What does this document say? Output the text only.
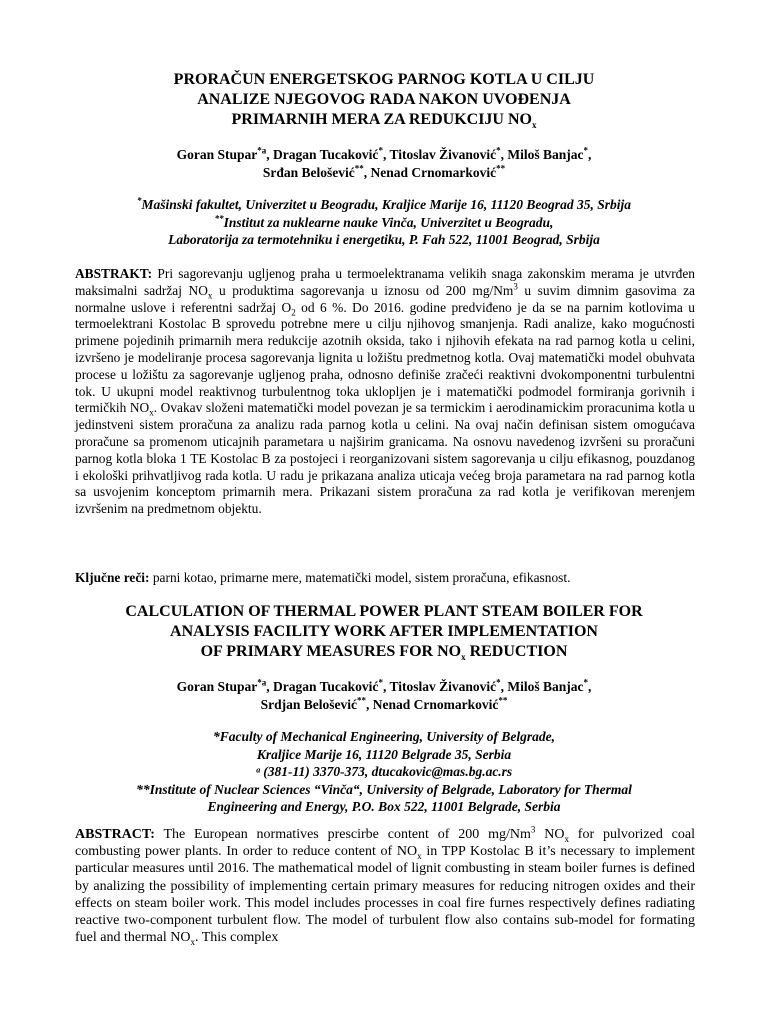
PRORAČUN ENERGETSKOG PARNOG KOTLA U CILJU
ANALIZE NJEGOVOG RADA NAKON UVOĐENJA
PRIMARNIH MERA ZA REDUKCIJU $NO_x$
Goran Stupar$^{*a}$, Dragan Tucaković*, Titoslav Živanović*, Miloš Banjac*,
Srđan Belošević**, Nenad Crnomarković**
*Mašinski fakultet, Univerzitet u Beogradu, Kraljice Marije 16, 11120 Beograd 35, Srbija
**Institut za nuklearne nauke Vinča, Univerzitet u Beogradu,
Laboratorija za termotehniku i energetiku, P. Fah 522, 11001 Beograd, Srbija
ABSTRAKT: Pri sagorevanju ugljenog praha u termoelektranama velikih snaga zakonskim merama je utvrđen maksimalni sadržaj $NO_x$ u produktima sagorevanja u iznosu od 200 mg/Nm$^3$ u suvim dimnim gasovima za normalne uslove i referentni sadržaj $O_2$ od 6 %. Do 2016. godine predviđeno je da se na parnim kotlovima u termoelektrani Kostolac B sprovedu potrebne mere u cilju njihovog smanjenja. Radi analize, kako mogućnosti primene pojedinih primarnih mera redukcije azotnih oksida, tako i njihovih efekata na rad parnog kotla u celini, izvršeno je modeliranje procesa sagorevanja lignita u ložištu predmetnog kotla. Ovaj matematički model obuhvata procese u ložištu za sagorevanje ugljenog praha, odnosno definiše zračeći reaktivni dvokomponentni turbulentni tok. U ukupni model reaktivnog turbulentnog toka uklopljen je i matematički podmodel formiranja gorivnih i termičkih $NO_x$. Ovakav složeni matematički model povezan je sa termickim i aerodinamickim proracunima kotla u jedinstveni sistem proračuna za analizu rada parnog kotla u celini. Na ovaj način definisan sistem omogućava proračune sa promenom uticajnih parametara u najširim granicama. Na osnovu navedenog izvršeni su proračuni parnog kotla bloka 1 TE Kostolac B za postojeci i reorganizovani sistem sagorevanja u cilju efikasnog, pouzdanog i ekološki prihvatljivog rada kotla. U radu je prikazana analiza uticaja većeg broja parametara na rad parnog kotla sa usvojenim konceptom primarnih mera. Prikazani sistem proračuna za rad kotla je verifikovan merenjem izvršenim na predmetnom objektu.
Ključne reči: parni kotao, primarne mere, matematički model, sistem proračuna, efikasnost.
CALCULATION OF THERMAL POWER PLANT STEAM BOILER FOR
ANALYSIS FACILITY WORK AFTER IMPLEMENTATION
OF PRIMARY MEASURES FOR $NO_x$ REDUCTION
Goran Stupar$^{*a}$, Dragan Tucaković*, Titoslav Živanović*, Miloš Banjac*,
Srdjan Belošević**, Nenad Crnomarković**
*Faculty of Mechanical Engineering, University of Belgrade,
Kraljice Marije 16, 11120 Belgrade 35, Serbia
ᵃ (381-11) 3370-373, dtucakovic@mas.bg.ac.rs
**Institute of Nuclear Sciences “Vinča“, University of Belgrade, Laboratory for Thermal
Engineering and Energy, P.O. Box 522, 11001 Belgrade, Serbia
ABSTRACT: The European normatives prescirbe content of 200 mg/Nm$^3$ $NO_x$ for pulvorized coal combusting power plants. In order to reduce content of $NO_x$ in TPP Kostolac B it’s necessary to implement particular measures until 2016. The mathematical model of lignit combusting in steam boiler furnes is defined by analizing the possibility of implementing certain primary measures for reducing nitrogen oxides and their effects on steam boiler work. This model includes processes in coal fire furnes respectively defines radiating reactive two-component turbulent flow. The model of turbulent flow also contains sub-model for formating fuel and thermal $NO_x$. This complex
